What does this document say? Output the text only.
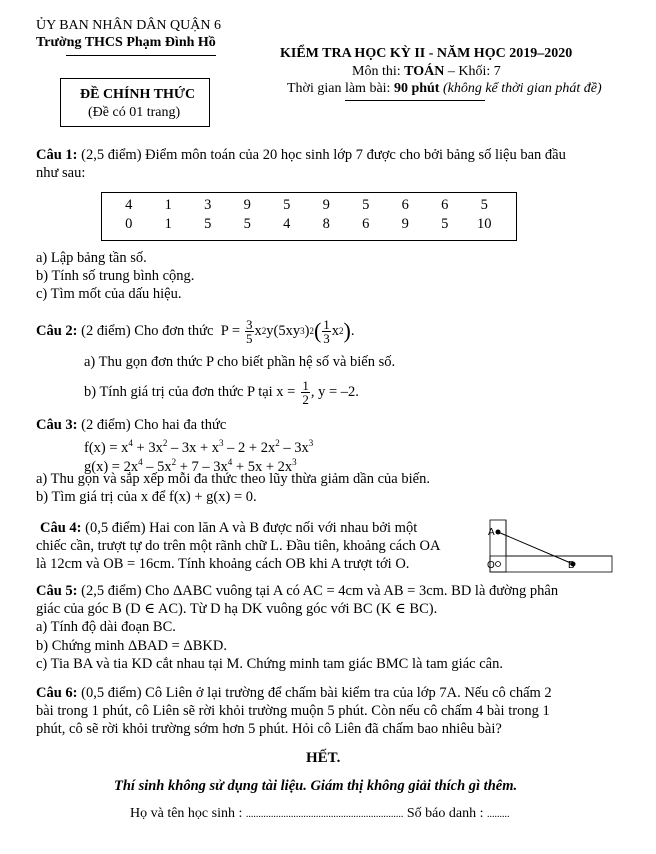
ỦY BAN NHÂN DÂN QUẬN 6
Trường THCS Phạm Đình Hồ
KIỂM TRA HỌC KỲ II - NĂM HỌC 2019–2020
Môn thi: TOÁN – Khối: 7
Thời gian làm bài: 90 phút (không kể thời gian phát đề)
ĐỀ CHÍNH THỨC
(Đề có 01 trang)
Câu 1: (2,5 điểm) Điểm môn toán của 20 học sinh lớp 7 được cho bởi bảng số liệu ban đầu
như sau:
4	1	3	9	5	9	5	6	6	5
0	1	5	5	4	8	6	9	5	10
a) Lập bảng tần số.
b) Tính số trung bình cộng.
c) Tìm mốt của dấu hiệu.
Câu 2: (2 điểm) Cho đơn thức  $P = \frac{3}{5}$ x 2 y(5xy 3 ) 2 ( $\frac{1}{3}$ x 2 ) .
a) Thu gọn đơn thức P cho biết phần hệ số và biến số.
b) Tính giá trị của đơn thức P tại $x = \frac{1}{2}$ , y = –2.
Câu 3: (2 điểm) Cho hai đa thức
$f(x) = x^4 + 3x^2 - 3x + x^3 - 2 + 2x^2 - 3x^3$
$g(x) = 2x^4 - 5x^2 + 7 - 3x^4 + 5x + 2x^3$
a) Thu gọn và sắp xếp mỗi đa thức theo lũy thừa giảm dần của biến.
b) Tìm giá trị của x để f(x) + g(x) = 0.
Câu 4: (0,5 điểm) Hai con lăn A và B được nối với nhau bởi một
chiếc cần, trượt tự do trên một rãnh chữ L. Đầu tiên, khoảng cách OA
là 12cm và OB = 16cm. Tính khoảng cách OB khi A trượt tới O.
A
O	B
Câu 5: (2,5 điểm) Cho ΔABC vuông tại A có AC = 4cm và AB = 3cm. BD là đường phân
giác của góc B (D ∈ AC). Từ D hạ DK vuông góc với BC (K ∈ BC).
a) Tính độ dài đoạn BC.
b) Chứng minh ΔBAD = ΔBKD.
c) Tia BA và tia KD cắt nhau tại M. Chứng minh tam giác BMC là tam giác cân.
Câu 6: (0,5 điểm) Cô Liên ở lại trường để chấm bài kiểm tra của lớp 7A. Nếu cô chấm 2
bài trong 1 phút, cô Liên sẽ rời khỏi trường muộn 5 phút. Còn nếu cô chấm 4 bài trong 1
phút, cô sẽ rời khỏi trường sớm hơn 5 phút. Hỏi cô Liên đã chấm bao nhiêu bài?
HẾT.
Thí sinh không sử dụng tài liệu. Giám thị không giải thích gì thêm.
Họ và tên học sinh : ............................................................... Số báo danh : .........
